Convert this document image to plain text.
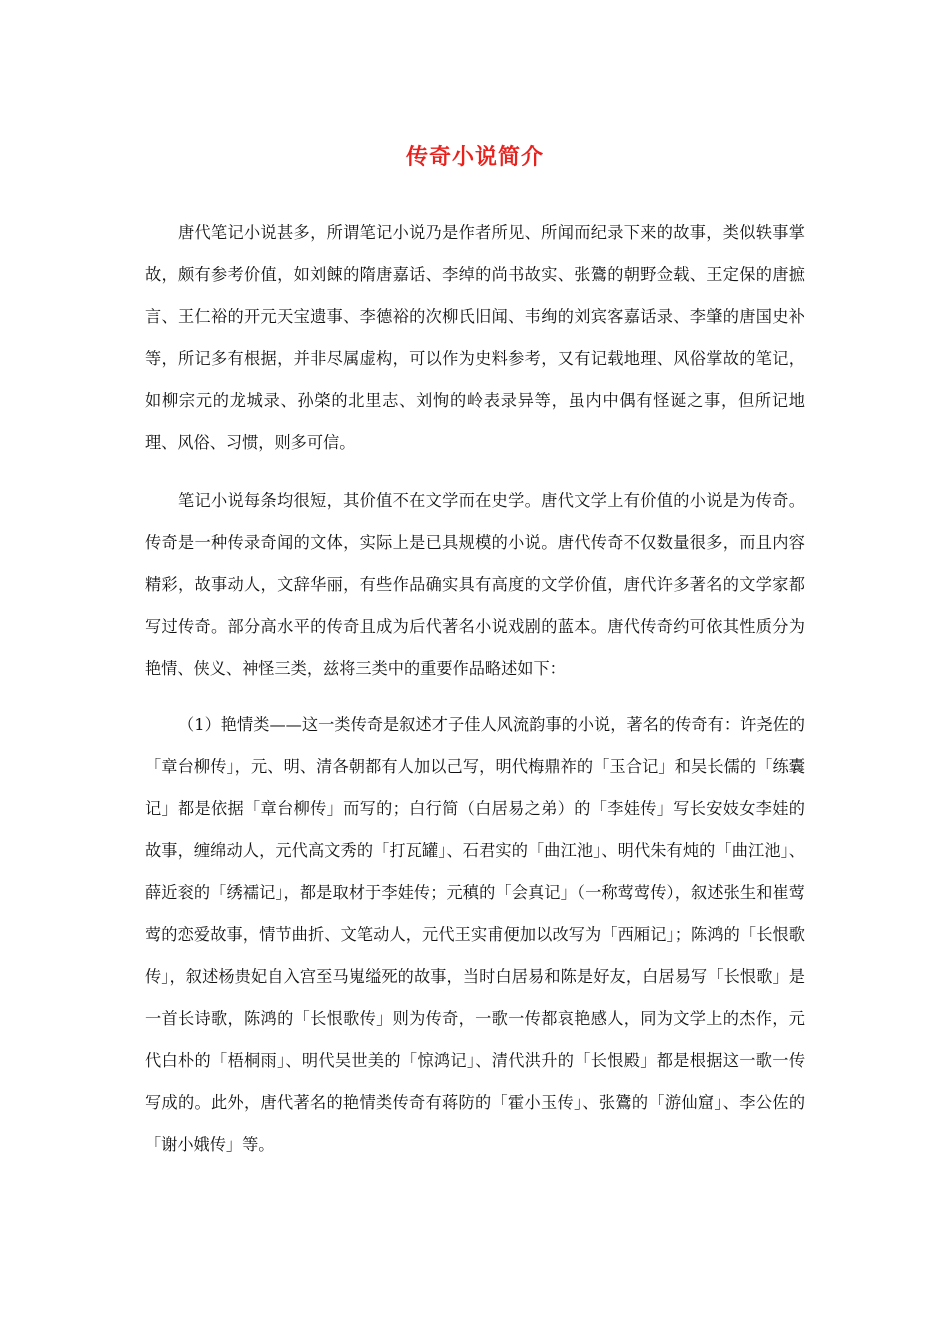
传奇小说简介

唐代笔记小说甚多，所谓笔记小说乃是作者所见、所闻而纪录下来的故事，类似轶事掌故，颇有参考价值，如刘餗的隋唐嘉话、李绰的尚书故实、张鷟的朝野佥载、王定保的唐摭言、王仁裕的开元天宝遗事、李德裕的次柳氏旧闻、韦绚的刘宾客嘉话录、李肇的唐国史补等，所记多有根据，并非尽属虚构，可以作为史料参考，又有记载地理、风俗掌故的笔记，如柳宗元的龙城录、孙棨的北里志、刘恂的岭表录异等，虽内中偶有怪诞之事，但所记地理、风俗、习惯，则多可信。

笔记小说每条均很短，其价值不在文学而在史学。唐代文学上有价值的小说是为传奇。传奇是一种传录奇闻的文体，实际上是已具规模的小说。唐代传奇不仅数量很多，而且内容精彩，故事动人，文辞华丽，有些作品确实具有高度的文学价值，唐代许多著名的文学家都写过传奇。部分高水平的传奇且成为后代著名小说戏剧的蓝本。唐代传奇约可依其性质分为艳情、侠义、神怪三类，兹将三类中的重要作品略述如下：

（1）艳情类——这一类传奇是叙述才子佳人风流韵事的小说，著名的传奇有：许尧佐的「章台柳传」，元、明、清各朝都有人加以己写，明代梅鼎祚的「玉合记」和吴长儒的「练囊记」都是依据「章台柳传」而写的；白行简（白居易之弟）的「李娃传」写长安妓女李娃的故事，缠绵动人，元代高文秀的「打瓦罐」、石君实的「曲江池」、明代朱有炖的「曲江池」、薛近衮的「绣襦记」，都是取材于李娃传；元稹的「会真记」（一称莺莺传），叙述张生和崔莺莺的恋爱故事，情节曲折、文笔动人，元代王实甫便加以改写为「西厢记」；陈鸿的「长恨歌传」，叙述杨贵妃自入宫至马嵬缢死的故事，当时白居易和陈是好友，白居易写「长恨歌」是一首长诗歌，陈鸿的「长恨歌传」则为传奇，一歌一传都哀艳感人，同为文学上的杰作，元代白朴的「梧桐雨」、明代吴世美的「惊鸿记」、清代洪升的「长恨殿」都是根据这一歌一传写成的。此外，唐代著名的艳情类传奇有蒋防的「霍小玉传」、张鷟的「游仙窟」、李公佐的「谢小娥传」等。
